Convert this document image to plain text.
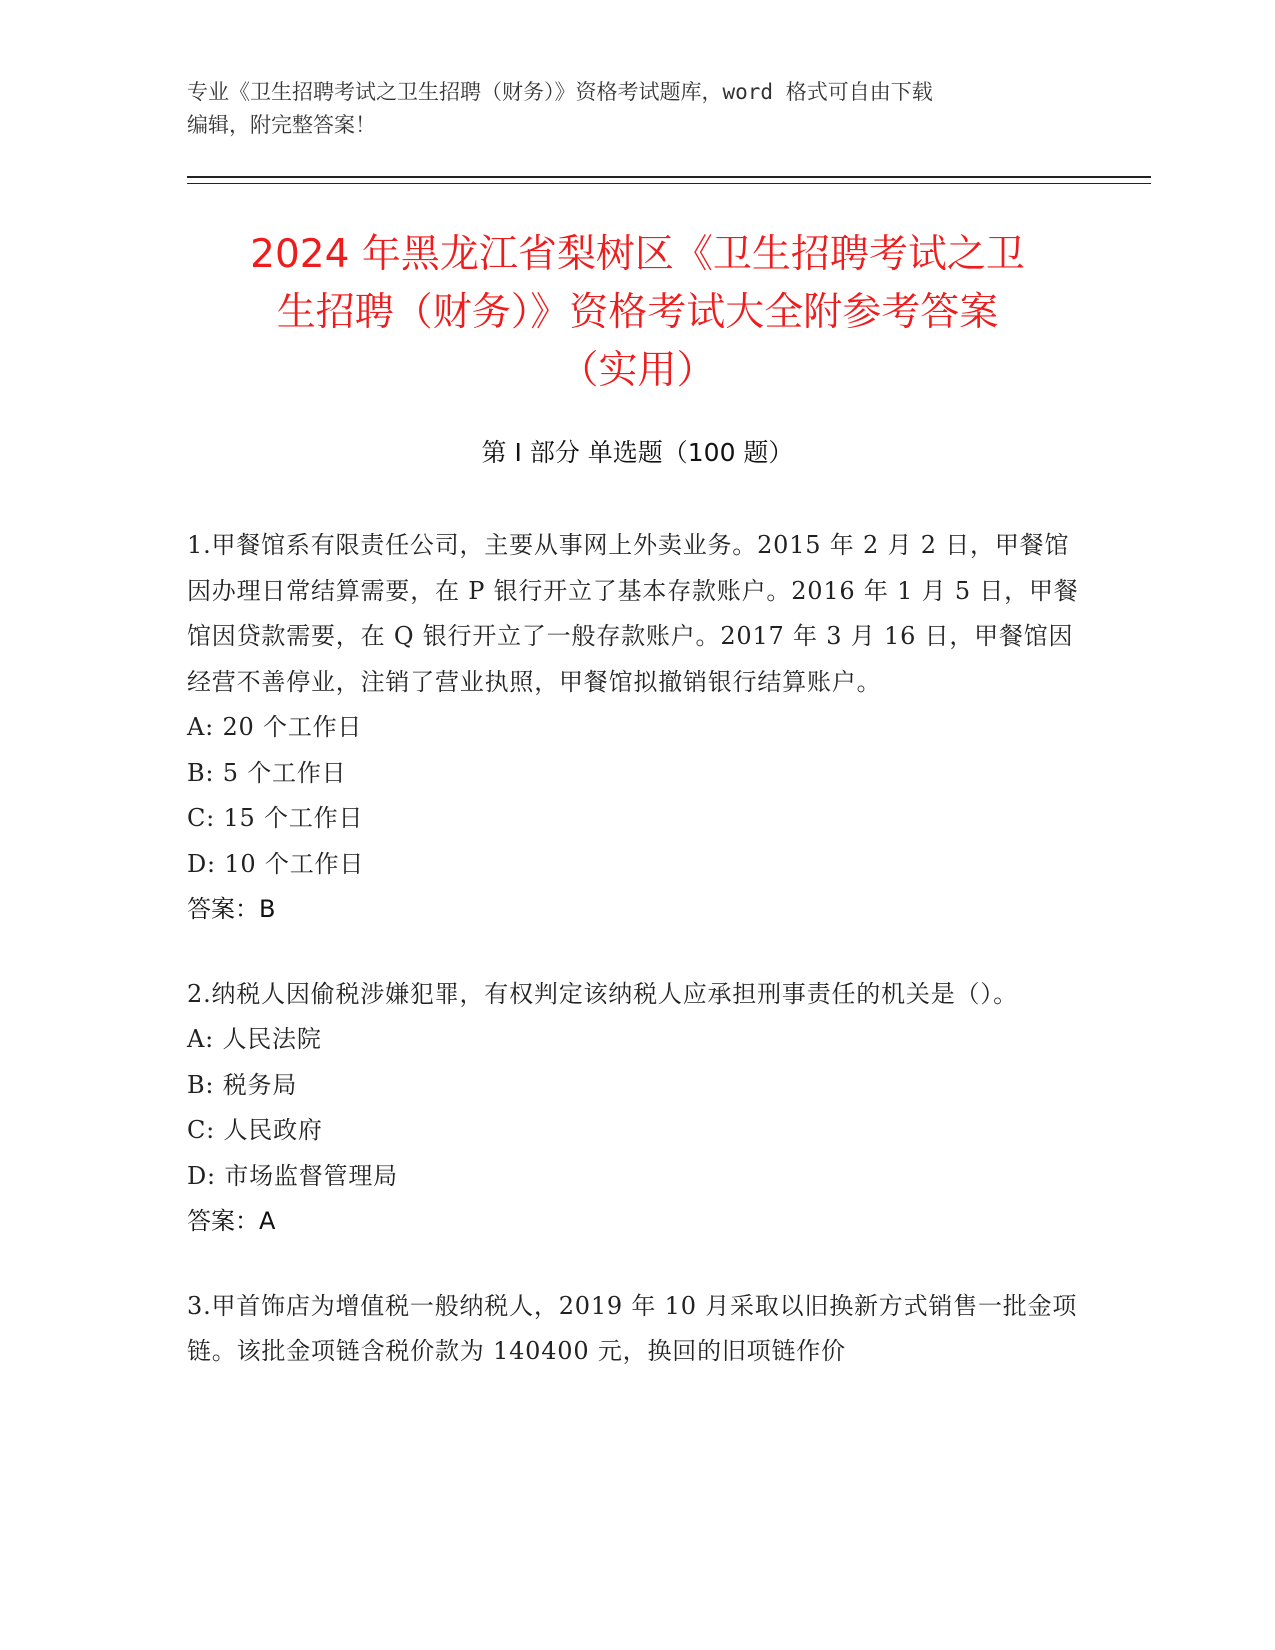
专业《卫生招聘考试之卫生招聘（财务）》资格考试题库，word 格式可自由下载
编辑，附完整答案！
2024 年黑龙江省梨树区《卫生招聘考试之卫
生招聘（财务）》资格考试大全附参考答案
（实用）
第 I 部分 单选题（100 题）
1.甲餐馆系有限责任公司，主要从事网上外卖业务。2015 年 2 月 2 日，甲餐馆因办理日常结算需要，在 P 银行开立了基本存款账户。2016 年 1 月 5 日，甲餐馆因贷款需要，在 Q 银行开立了一般存款账户。2017 年 3 月 16 日，甲餐馆因经营不善停业，注销了营业执照，甲餐馆拟撤销银行结算账户。
A: 20 个工作日
B: 5 个工作日
C: 15 个工作日
D: 10 个工作日
答案：B
2.纳税人因偷税涉嫌犯罪，有权判定该纳税人应承担刑事责任的机关是（）。
A: 人民法院
B: 税务局
C: 人民政府
D: 市场监督管理局
答案：A
3.甲首饰店为增值税一般纳税人，2019 年 10 月采取以旧换新方式销售一批金项链。该批金项链含税价款为 140400 元，换回的旧项链作价
